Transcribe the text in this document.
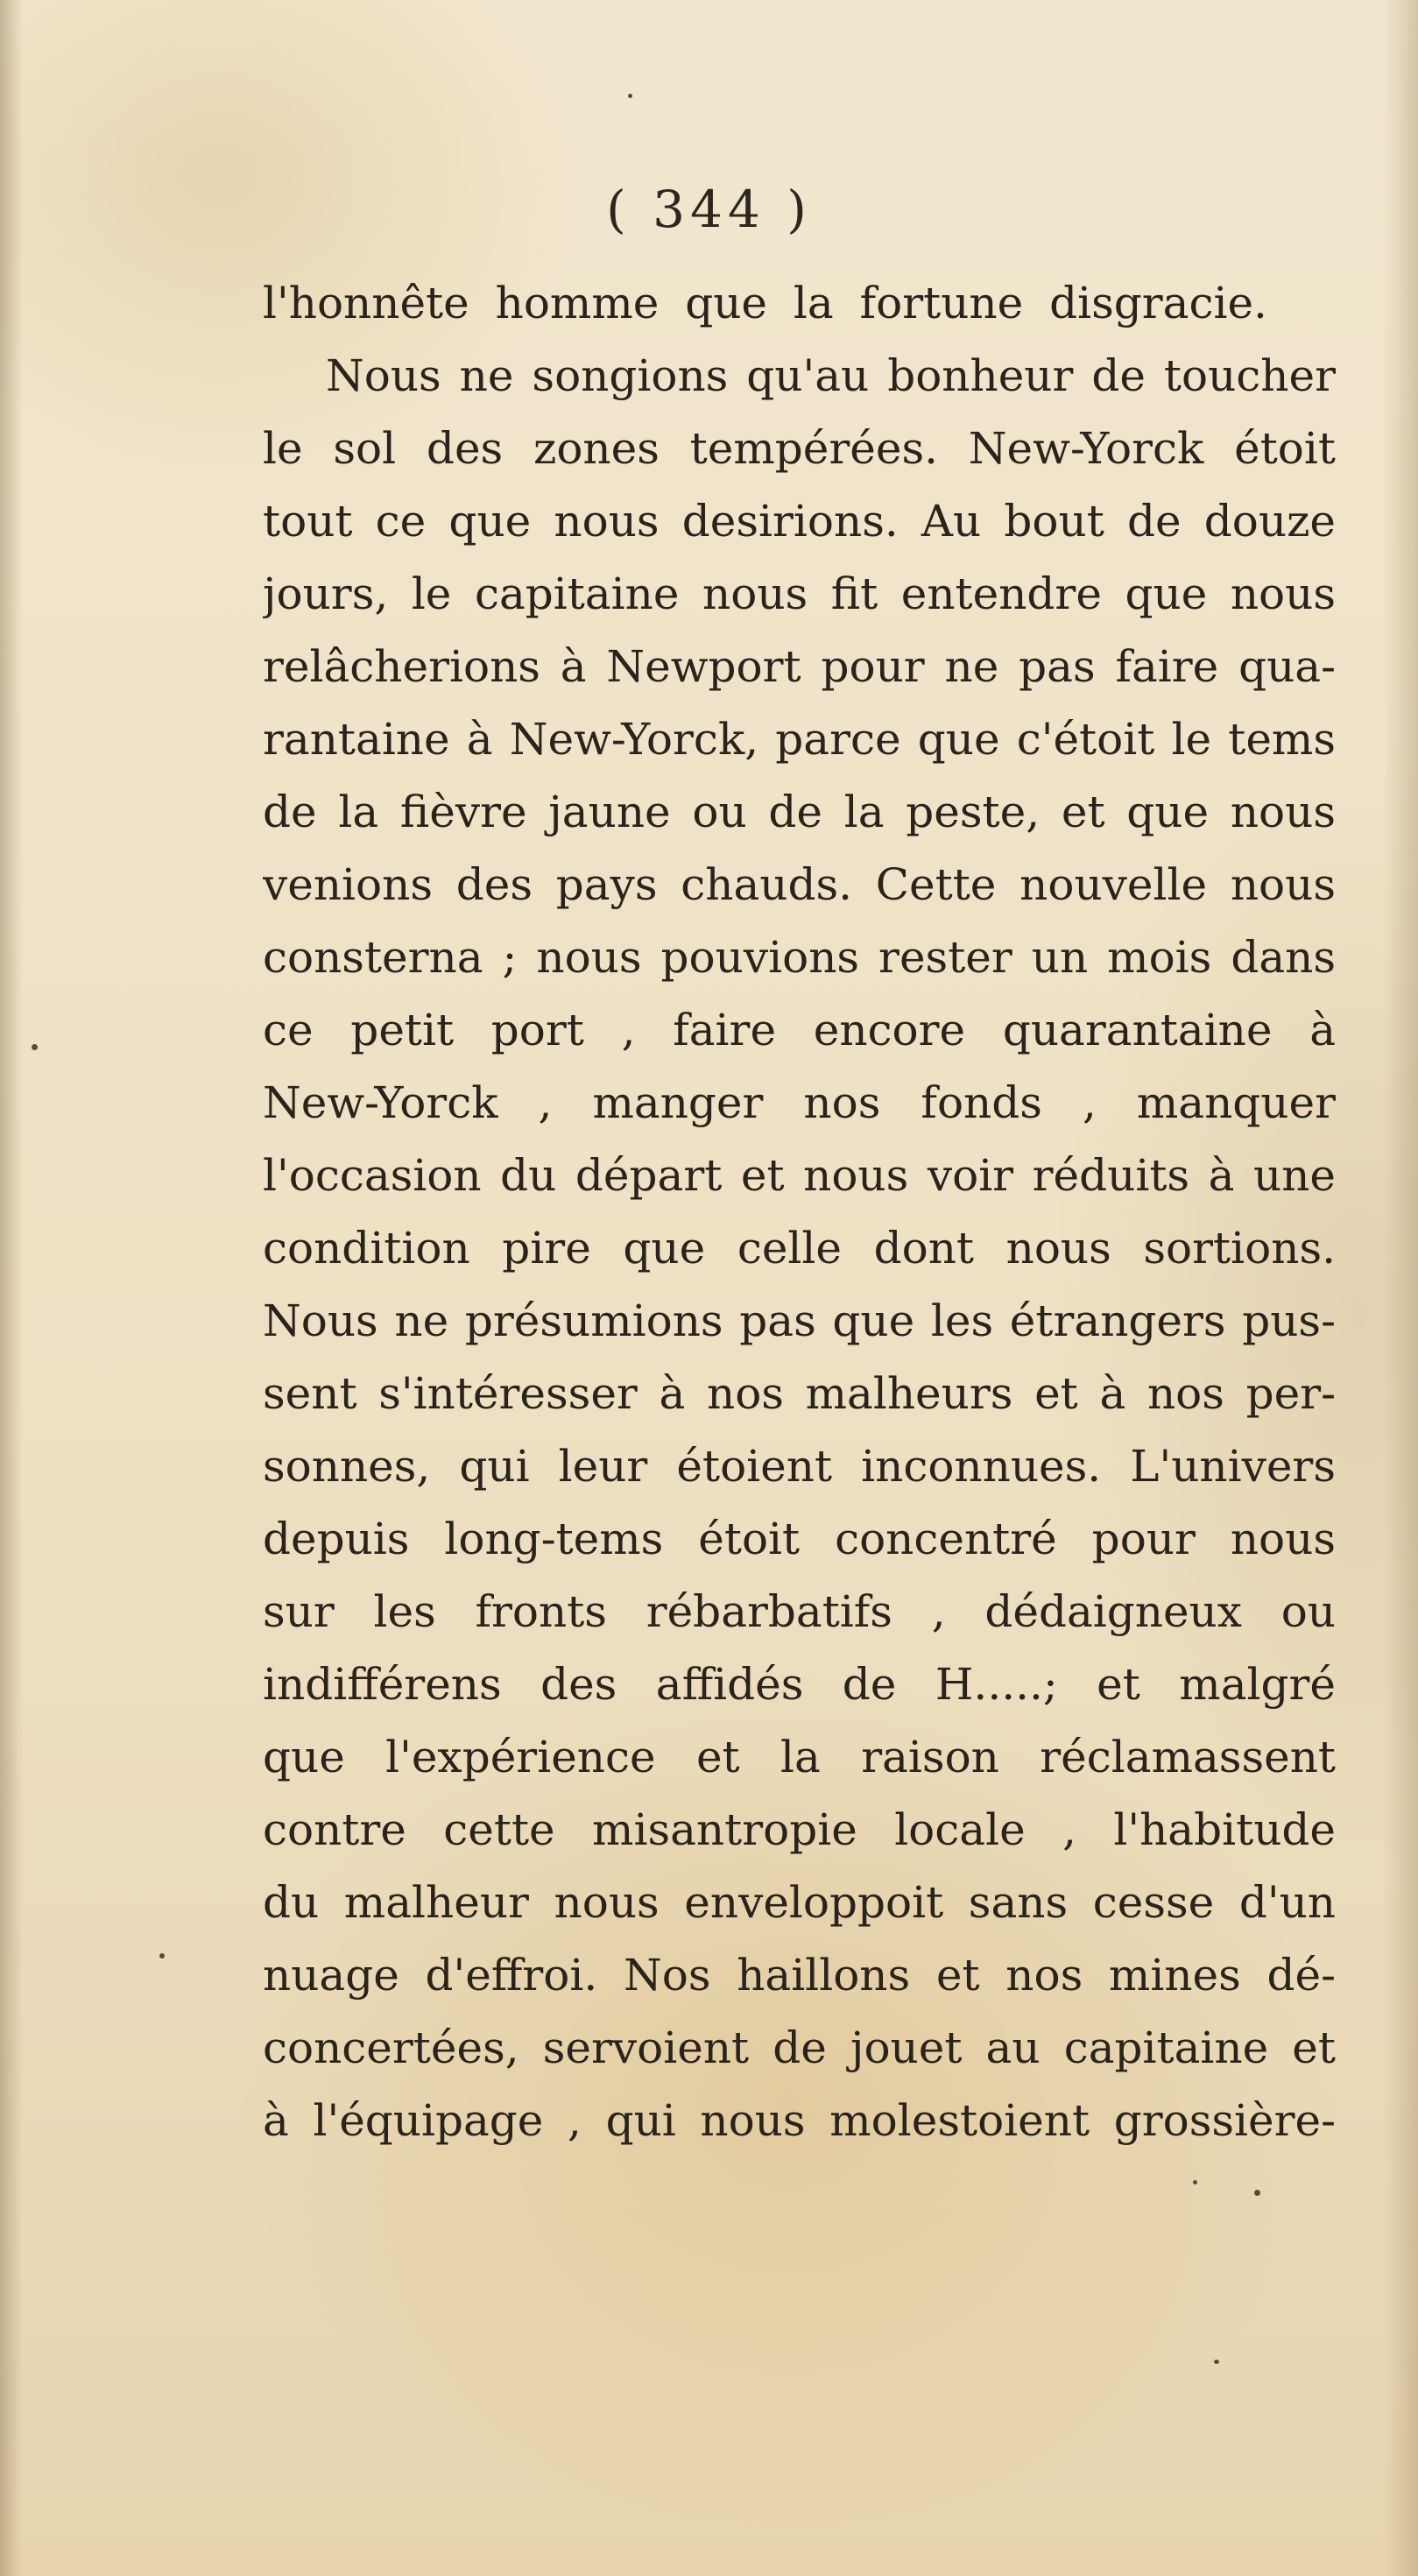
( 344 )
l'honnête homme que la fortune disgracie.
Nous ne songions qu'au bonheur de toucher
le sol des zones tempérées. New-Yorck étoit
tout ce que nous desirions. Au bout de douze
jours, le capitaine nous fit entendre que nous
relâcherions à Newport pour ne pas faire qua-
rantaine à New-Yorck, parce que c'étoit le tems
de la fièvre jaune ou de la peste, et que nous
venions des pays chauds. Cette nouvelle nous
consterna ; nous pouvions rester un mois dans
ce petit port , faire encore quarantaine à
New-Yorck , manger nos fonds , manquer
l'occasion du départ et nous voir réduits à une
condition pire que celle dont nous sortions.
Nous ne présumions pas que les étrangers pus-
sent s'intéresser à nos malheurs et à nos per-
sonnes, qui leur étoient inconnues. L'univers
depuis long-tems étoit concentré pour nous
sur les fronts rébarbatifs , dédaigneux ou
indifférens des affidés de H.....; et malgré
que l'expérience et la raison réclamassent
contre cette misantropie locale , l'habitude
du malheur nous enveloppoit sans cesse d'un
nuage d'effroi. Nos haillons et nos mines dé-
concertées, servoient de jouet au capitaine et
à l'équipage , qui nous molestoient grossière-
